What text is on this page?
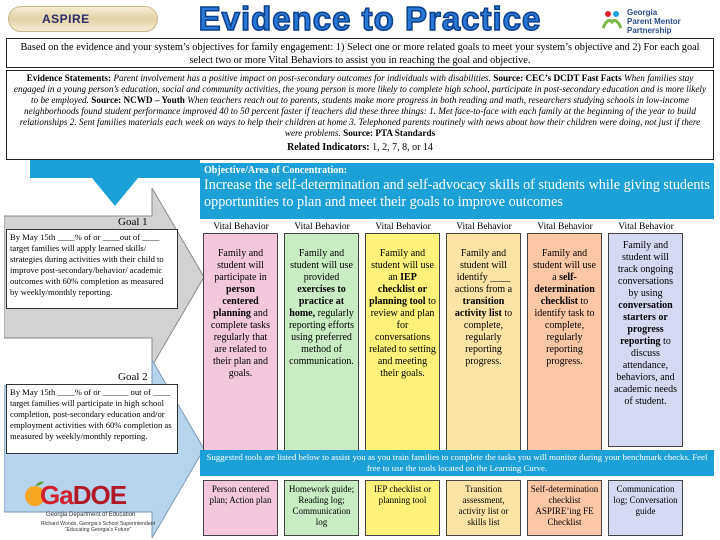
ASPIRE	Evidence to Practice	Georgia
Parent Mentor
Partnership
Based on the evidence and your system’s objectives for family engagement: 1) Select one or more related goals to meet your system’s objective and 2) For each goal select two or more Vital Behaviors to assist you in reaching the goal and objective.
Evidence Statements: Parent involvement has a positive impact on post-secondary outcomes for individuals with disabilities. Source: CEC’s DCDT Fast Facts When families stay engaged in a young person’s education, social and community activities, the young person is more likely to complete high school, participate in post-secondary education and is more likely to be employed. Source: NCWD – Youth When teachers reach out to parents, students make more progress in both reading and math, researchers studying schools in low-income neighborhoods found student performance improved 40 to 50 percent faster if teachers did these three things: 1. Met face-to-face with each family at the beginning of the year to build relationships 2. Sent families materials each week on ways to help their children at home 3. Telephoned parents routinely with news about how their children were doing, not just if there were problems. Source: PTA Standards
Related Indicators: 1, 2, 7, 8, or 14
Objective/Area of Concentration:
Increase the self-determination and self-advocacy skills of students while giving students opportunities to plan and meet their goals to improve outcomes
Goal 1
By May 15th ____% of or ____out of ____ target families will apply learned skills/ strategies during activities with their child to improve post-secondary/behavior/ academic outcomes with 60% completion as measured by weekly/monthly reporting.
Goal 2
By May 15th ____% of or ______ out of ____ target families will participate in high school completion, post-secondary education and/or employment activities with 60% completion as measured by weekly/monthly reporting.
Vital Behavior
Family and student will participate in person centered planning and complete tasks regularly that are related to their plan and goals.
Vital Behavior
Family and student will use provided exercises to practice at home, regularly reporting efforts using preferred method of communication.
Vital Behavior
Family and student will use an IEP checklist or planning tool to review and plan for conversations related to setting and meeting their goals.
Vital Behavior
Family and student will identify ____ actions from a transition activity list to complete, regularly reporting progress.
Vital Behavior
Family and student will use a self-determination checklist to identify task to complete, regularly reporting progress.
Vital Behavior
Family and student will track ongoing conversations by using conversation starters or progress reporting to discuss attendance, behaviors, and academic needs of student.
Suggested tools are listed below to assist you as you train families to complete the tasks you will monitor during your benchmark checks. Feel free to use the tools located on the Learning Curve.
Person centered plan; Action plan
Homework guide; Reading log; Communication log
IEP checklist or planning tool
Transition assessment, activity list or skills list
Self-determination checklist ASPIRE’ing FE Checklist
Communication log; Conversation guide
GaDOE
Georgia Department of Education
Richard Woods, Georgia’s School Superintendent
“Educating Georgia’s Future”
